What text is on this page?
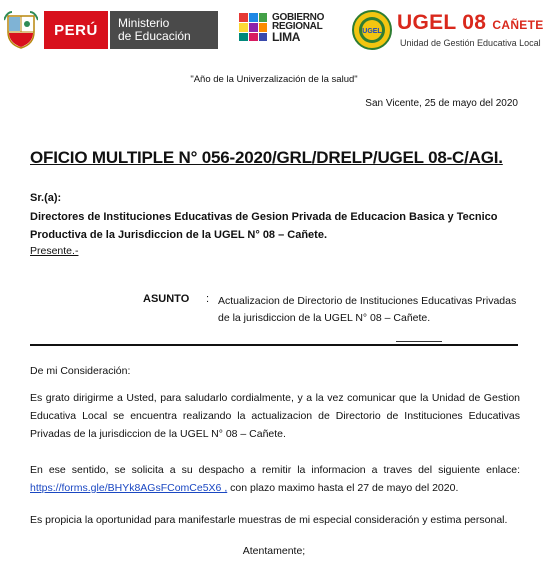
PERÚ Ministerio
de Educación
GOBIERNO
REGIONAL
LIMA	UGEL UGEL 08 CAÑETE
Unidad de Gestión Educativa Local
"Año de la Univerzalización de la salud"
San Vicente, 25 de mayo del 2020
OFICIO MULTIPLE N° 056-2020/GRL/DRELP/UGEL 08-C/AGI.
Sr.(a):
Directores de Instituciones Educativas de Gesion Privada de Educacion Basica y Tecnico Productiva de la Jurisdiccion de la UGEL N° 08 – Cañete.
Presente.-
ASUNTO : Actualizacion de Directorio de Instituciones Educativas Privadas de la jurisdiccion de la UGEL N° 08 – Cañete.
De mi Consideración:
Es grato dirigirme a Usted, para saludarlo cordialmente, y a la vez comunicar que la Unidad de Gestion Educativa Local se encuentra realizando la actualizacion de Directorio de Instituciones Educativas Privadas de la jurisdiccion de la UGEL N° 08 – Cañete.
En ese sentido, se solicita a su despacho a remitir la informacion a traves del siguiente enlace: https://forms.gle/BHYk8AGsFComCe5X6 , con plazo maximo hasta el 27 de mayo del 2020.
Es propicia la oportunidad para manifestarle muestras de mi especial consideración y estima personal.
Atentamente;
